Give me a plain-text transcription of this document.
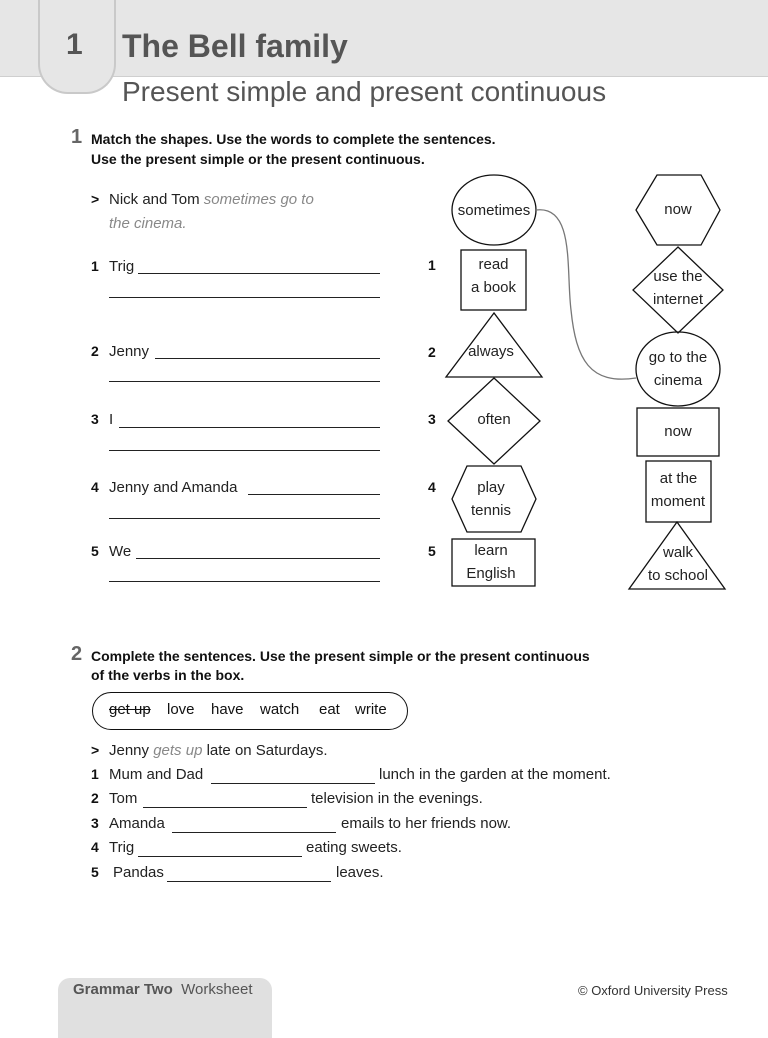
1 The Bell family
Present simple and present continuous
1 Match the shapes. Use the words to complete the sentences.
Use the present simple or the present continuous.
> Nick and Tom sometimes go to
the cinema.
1 Trig
2 Jenny
3 I
4 Jenny and Amanda
5 We
1
2
3
4
5
sometimes
read
a book
always
often
play
tennis
learn
English
now
use the
internet
go to the
cinema
now
at the
moment
walk
to school
2 Complete the sentences. Use the present simple or the present continuous
of the verbs in the box.
get up love have watch eat write
> Jenny gets up late on Saturdays.
1 Mum and Dad	lunch in the garden at the moment.
2 Tom	television in the evenings.
3 Amanda	emails to her friends now.
4 Trig	eating sweets.
5 Pandas	leaves.
Grammar Two Worksheet	© Oxford University Press
